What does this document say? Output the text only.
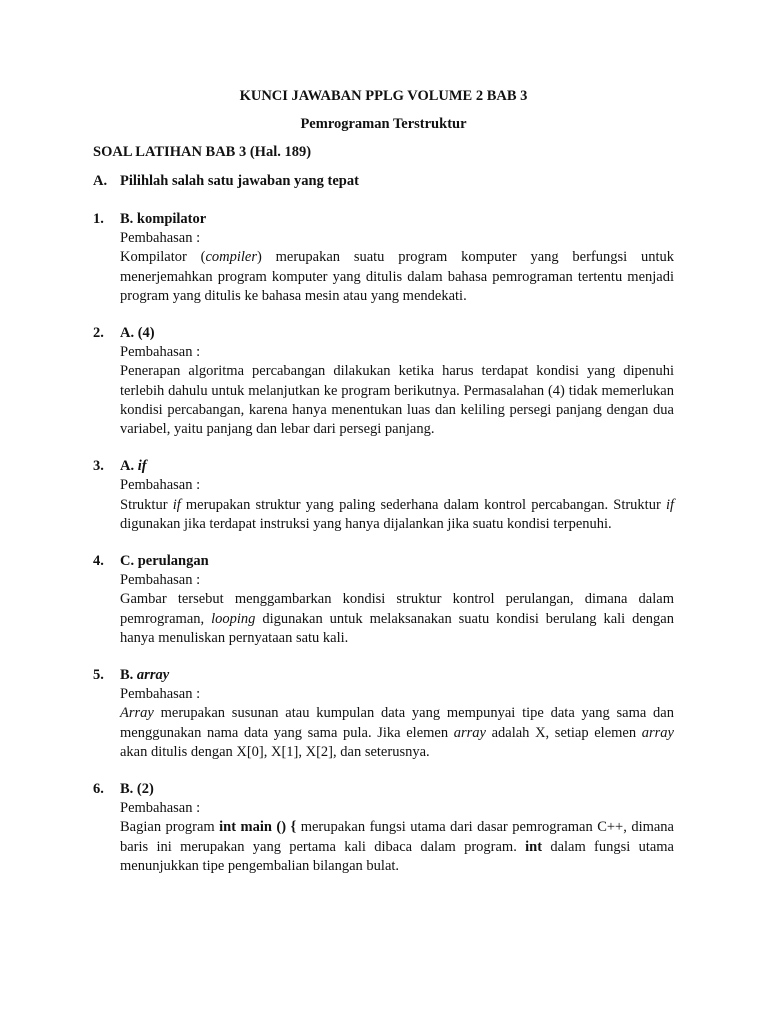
KUNCI JAWABAN PPLG VOLUME 2 BAB 3

Pemrograman Terstruktur

SOAL LATIHAN BAB 3 (Hal. 189)

A. Pilihlah salah satu jawaban yang tepat
1.	B. kompilator
Pembahasan :

Kompilator (compiler) merupakan suatu program komputer yang berfungsi untuk menerjemahkan program komputer yang ditulis dalam bahasa pemrograman tertentu menjadi program yang ditulis ke bahasa mesin atau yang mendekati.

2.	A. (4)
Pembahasan :

Penerapan algoritma percabangan dilakukan ketika harus terdapat kondisi yang dipenuhi terlebih dahulu untuk melanjutkan ke program berikutnya. Permasalahan (4) tidak memerlukan kondisi percabangan, karena hanya menentukan luas dan keliling persegi panjang dengan dua variabel, yaitu panjang dan lebar dari persegi panjang.

3.	A. if
Pembahasan :

Struktur if merupakan struktur yang paling sederhana dalam kontrol percabangan. Struktur if digunakan jika terdapat instruksi yang hanya dijalankan jika suatu kondisi terpenuhi.

4.	C. perulangan
Pembahasan :

Gambar tersebut menggambarkan kondisi struktur kontrol perulangan, dimana dalam pemrograman, looping digunakan untuk melaksanakan suatu kondisi berulang kali dengan hanya menuliskan pernyataan satu kali.

5.	B. array
Pembahasan :

Array merupakan susunan atau kumpulan data yang mempunyai tipe data yang sama dan menggunakan nama data yang sama pula. Jika elemen array adalah X, setiap elemen array akan ditulis dengan X[0], X[1], X[2], dan seterusnya.

6.	B. (2)
Pembahasan :

Bagian program int main () { merupakan fungsi utama dari dasar pemrograman C++, dimana baris ini merupakan yang pertama kali dibaca dalam program. int dalam fungsi utama menunjukkan tipe pengembalian bilangan bulat.
